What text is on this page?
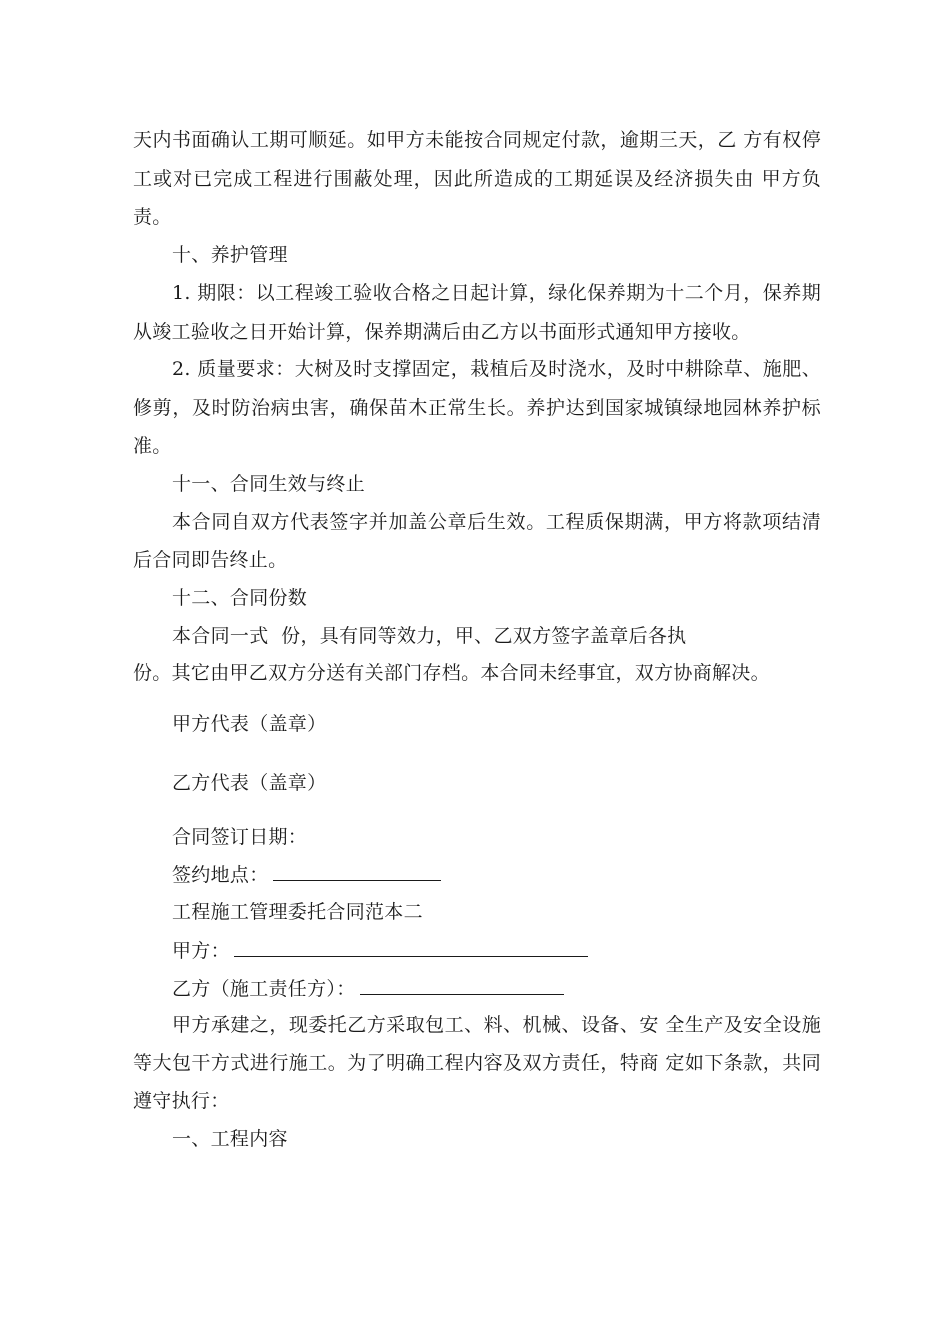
天内书面确认工期可顺延。如甲方未能按合同规定付款，逾期三天，乙 方有权停
工或对已完成工程进行围蔽处理，因此所造成的工期延误及经济损失由 甲方负
责。
十、养护管理
1. 期限：以工程竣工验收合格之日起计算，绿化保养期为十二个月，保养期
从竣工验收之日开始计算，保养期满后由乙方以书面形式通知甲方接收。
2. 质量要求：大树及时支撑固定，栽植后及时浇水，及时中耕除草、施肥、
修剪，及时防治病虫害，确保苗木正常生长。养护达到国家城镇绿地园林养护标
准。
十一、合同生效与终止
本合同自双方代表签字并加盖公章后生效。工程质保期满，甲方将款项结清
后合同即告终止。
十二、合同份数
本合同一式  份，具有同等效力，甲、乙双方签字盖章后各执
份。其它由甲乙双方分送有关部门存档。本合同未经事宜，双方协商解决。
甲方代表（盖章）
乙方代表（盖章）
合同签订日期：
签约地点：
工程施工管理委托合同范本二
甲方：
乙方（施工责任方）：
甲方承建之，现委托乙方采取包工、料、机械、设备、安 全生产及安全设施
等大包干方式进行施工。为了明确工程内容及双方责任，特商 定如下条款，共同
遵守执行：
一、工程内容
